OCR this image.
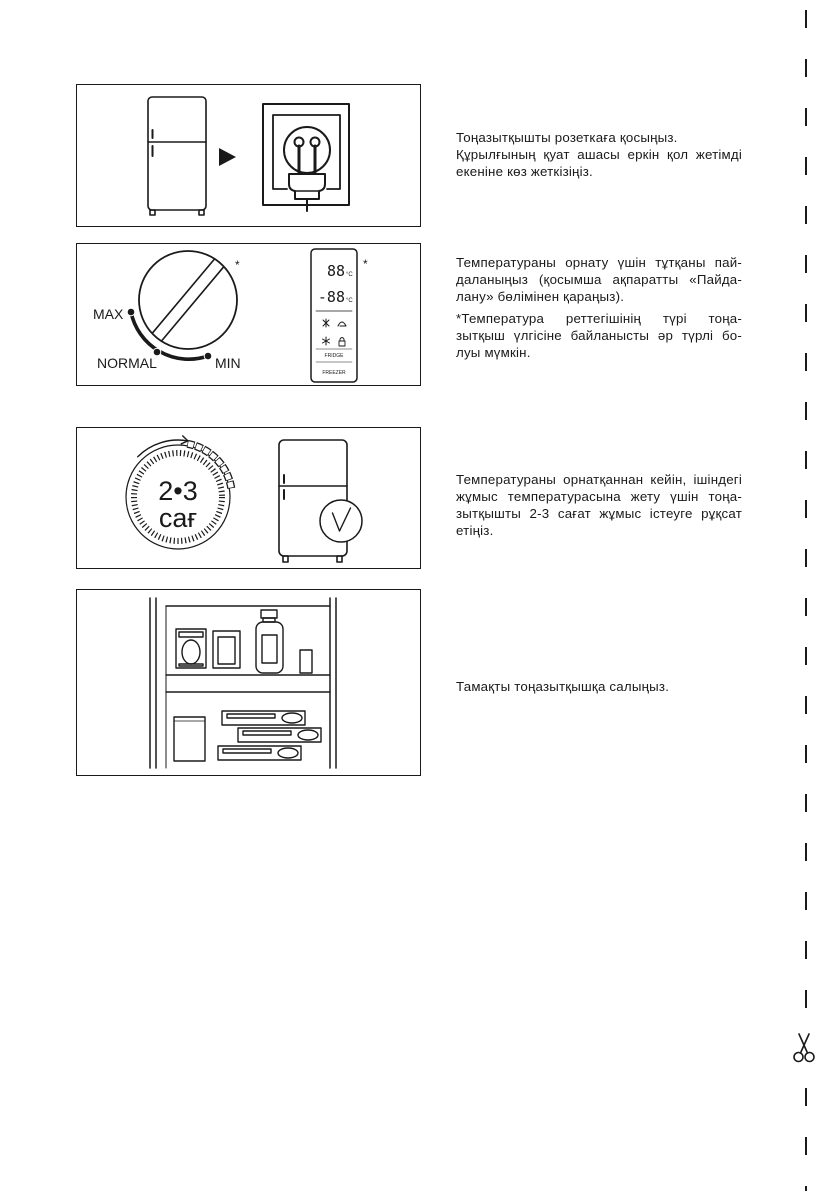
Тоңазытқышты розеткаға қосыңыз.
Құрылғының қуат ашасы еркін қол жетімді
екеніне көз жеткізіңіз.
MAX
NORMAL	MIN
*	88 °C
-88 °C
FRIDGE
FREEZER
*	Температураны орнату үшін тұтқаны пай-
даланыңыз (қосымша ақпаратты «Пайда-
лану» бөлімінен қараңыз).
*Температура реттегішінің түрі тоңа-
зытқыш үлгісіне байланысты әр түрлі бо-
луы мүмкін.
2•3
сағ
Температураны орнатқаннан кейін, ішіндегі
жұмыс температурасына жету үшін тоңа-
зытқышты 2-3 сағат жұмыс істеуге рұқсат
етіңіз.
Тамақты тоңазытқышқа салыңыз.
